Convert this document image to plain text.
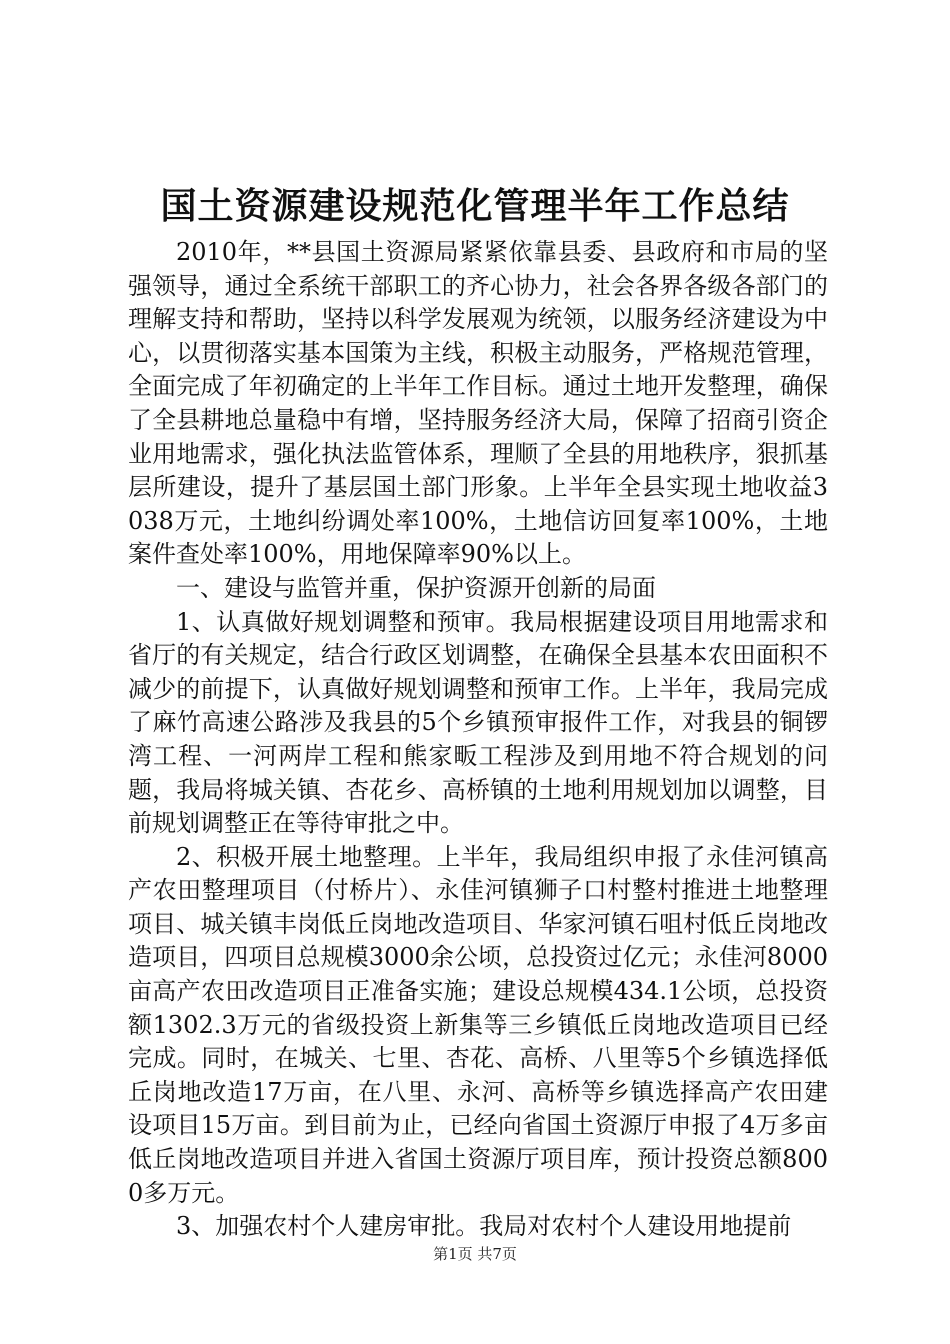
国土资源建设规范化管理半年工作总结

2010年，**县国土资源局紧紧依靠县委、县政府和市局的坚强领导，通过全系统干部职工的齐心协力，社会各界各级各部门的理解支持和帮助，坚持以科学发展观为统领，以服务经济建设为中心，以贯彻落实基本国策为主线，积极主动服务，严格规范管理，全面完成了年初确定的上半年工作目标。通过土地开发整理，确保了全县耕地总量稳中有增，坚持服务经济大局，保障了招商引资企业用地需求，强化执法监管体系，理顺了全县的用地秩序，狠抓基层所建设，提升了基层国土部门形象。上半年全县实现土地收益3038万元，土地纠纷调处率100%，土地信访回复率100%，土地案件查处率100%，用地保障率90%以上。

一、建设与监管并重，保护资源开创新的局面

1、认真做好规划调整和预审。我局根据建设项目用地需求和省厅的有关规定，结合行政区划调整，在确保全县基本农田面积不减少的前提下，认真做好规划调整和预审工作。上半年，我局完成了麻竹高速公路涉及我县的5个乡镇预审报件工作，对我县的铜锣湾工程、一河两岸工程和熊家畈工程涉及到用地不符合规划的问题，我局将城关镇、杏花乡、高桥镇的土地利用规划加以调整，目前规划调整正在等待审批之中。

2、积极开展土地整理。上半年，我局组织申报了永佳河镇高产农田整理项目（付桥片）、永佳河镇狮子口村整村推进土地整理项目、城关镇丰岗低丘岗地改造项目、华家河镇石咀村低丘岗地改造项目，四项目总规模3000余公顷，总投资过亿元；永佳河8000亩高产农田改造项目正准备实施；建设总规模434.1公顷，总投资额1302.3万元的省级投资上新集等三乡镇低丘岗地改造项目已经完成。同时，在城关、七里、杏花、高桥、八里等5个乡镇选择低丘岗地改造17万亩，在八里、永河、高桥等乡镇选择高产农田建设项目15万亩。到目前为止，已经向省国土资源厅申报了4万多亩低丘岗地改造项目并进入省国土资源厅项目库，预计投资总额8000多万元。

3、加强农村个人建房审批。我局对农村个人建设用地提前

第1页 共7页
